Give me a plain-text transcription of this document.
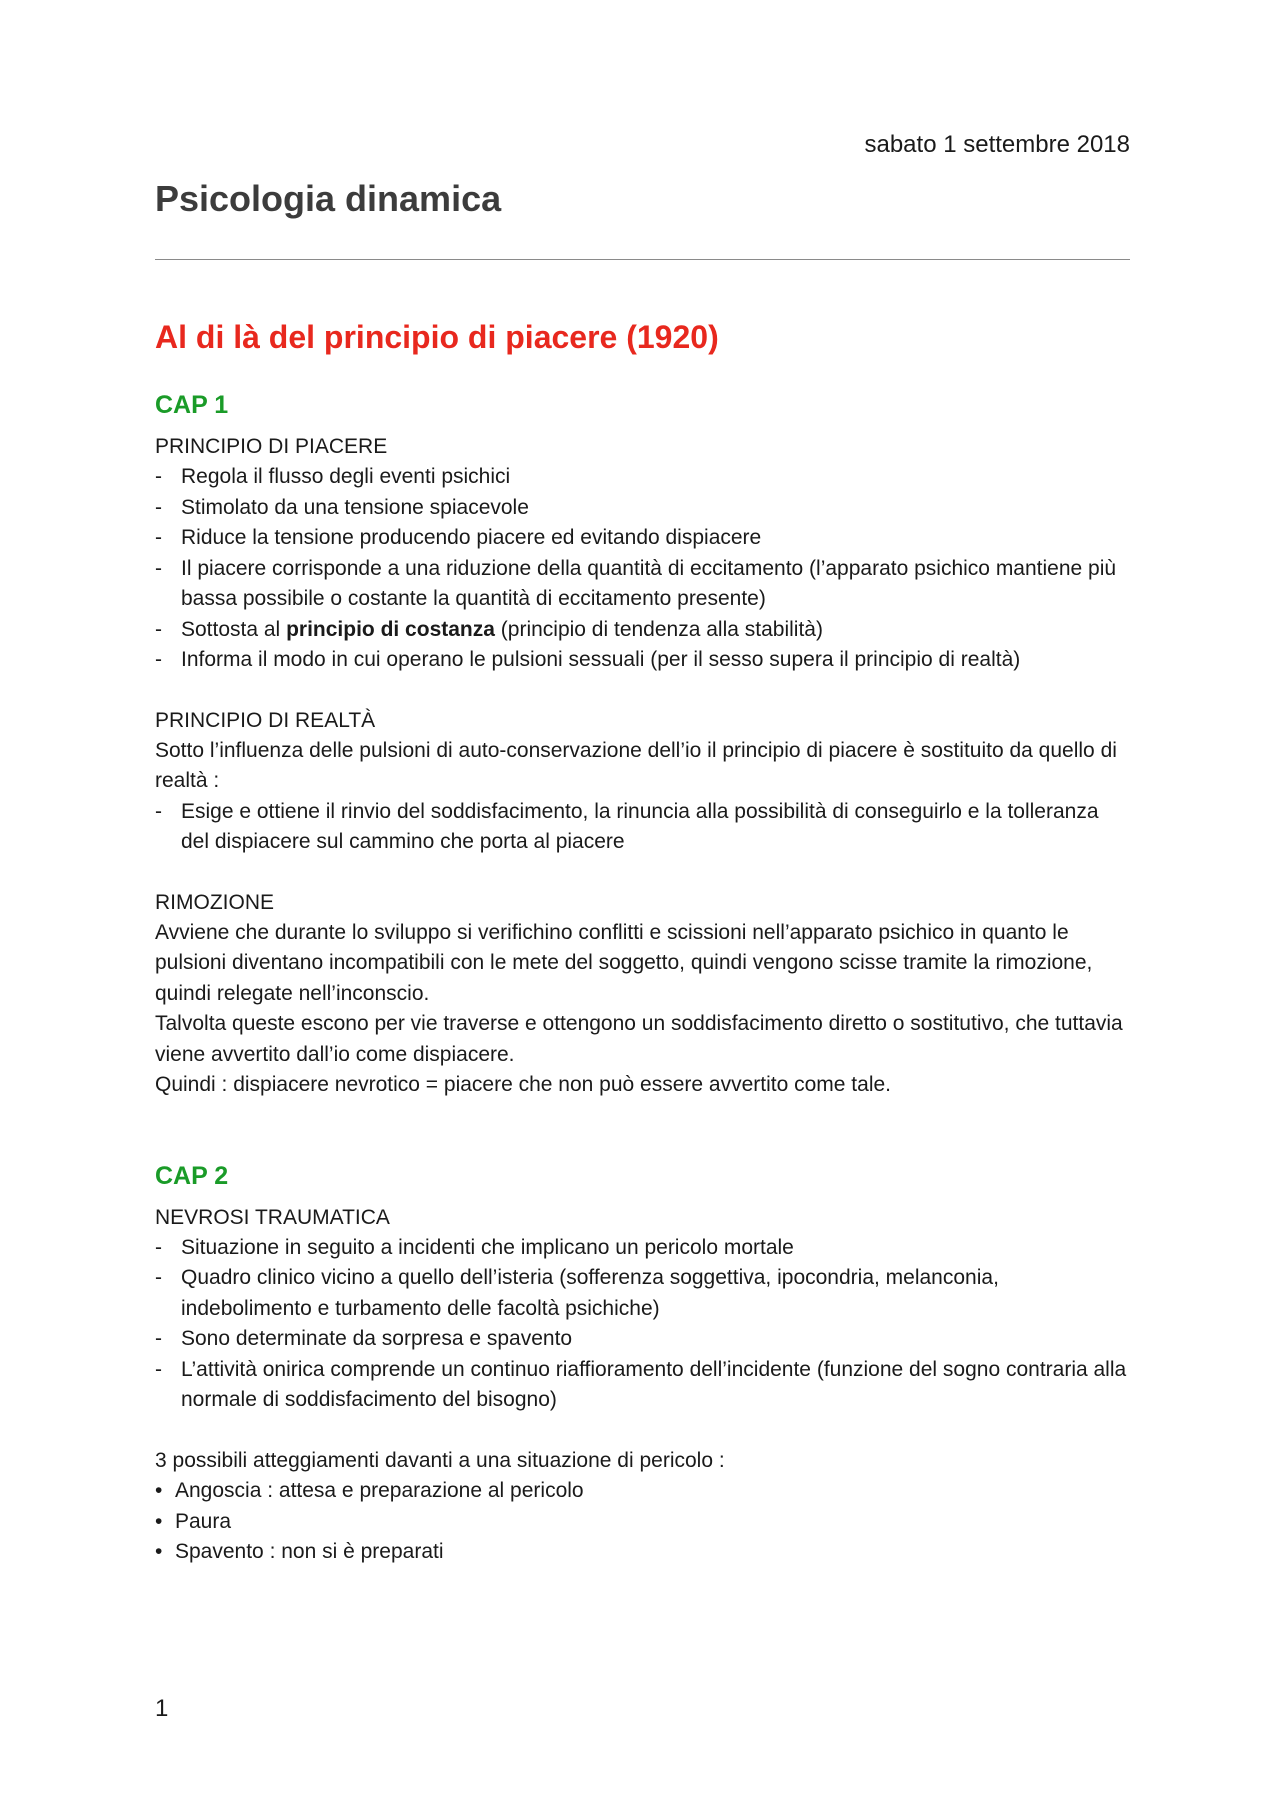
sabato 1 settembre 2018
Psicologia dinamica
Al di là del principio di piacere (1920)
CAP 1
PRINCIPIO DI PIACERE
- Regola il flusso degli eventi psichici
- Stimolato da una tensione spiacevole
- Riduce la tensione producendo piacere ed evitando dispiacere
- Il piacere corrisponde a una riduzione della quantità di eccitamento (l’apparato psichico mantiene più bassa possibile o costante la quantità di eccitamento presente)
- Sottosta al principio di costanza (principio di tendenza alla stabilità)
- Informa il modo in cui operano le pulsioni sessuali (per il sesso supera il principio di realtà)
PRINCIPIO DI REALTÀ

Sotto l’influenza delle pulsioni di auto-conservazione dell’io il principio di piacere è sostituito da quello di realtà :

- Esige e ottiene il rinvio del soddisfacimento, la rinuncia alla possibilità di conseguirlo e la tolleranza del dispiacere sul cammino che porta al piacere
RIMOZIONE

Avviene che durante lo sviluppo si verifichino conflitti e scissioni nell’apparato psichico in quanto le pulsioni diventano incompatibili con le mete del soggetto, quindi vengono scisse tramite la rimozione, quindi relegate nell’inconscio.

Talvolta queste escono per vie traverse e ottengono un soddisfacimento diretto o sostitutivo, che tuttavia viene avvertito dall’io come dispiacere.

Quindi : dispiacere nevrotico = piacere che non può essere avvertito come tale.

CAP 2
NEVROSI TRAUMATICA
- Situazione in seguito a incidenti che implicano un pericolo mortale
- Quadro clinico vicino a quello dell’isteria (sofferenza soggettiva, ipocondria, melanconia, indebolimento e turbamento delle facoltà psichiche)
- Sono determinate da sorpresa e spavento
- L’attività onirica comprende un continuo riaffioramento dell’incidente (funzione del sogno contraria alla normale di soddisfacimento del bisogno)

3 possibili atteggiamenti davanti a una situazione di pericolo :

• Angoscia : attesa e preparazione al pericolo
• Paura
• Spavento : non si è preparati
1
